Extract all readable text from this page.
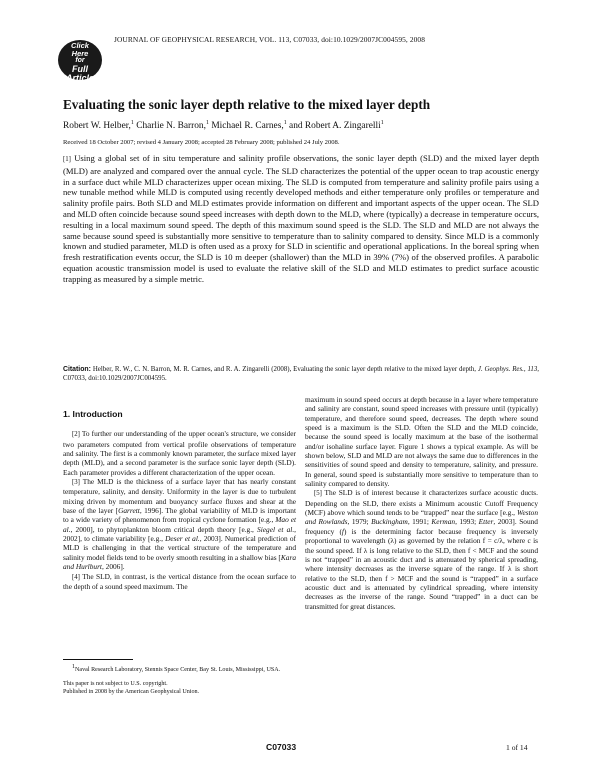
Click
Here
for
Full
Article
JOURNAL OF GEOPHYSICAL RESEARCH, VOL. 113, C07033, doi:10.1029/2007JC004595, 2008
Evaluating the sonic layer depth relative to the mixed layer depth
Robert W. Helber,$^1$ Charlie N. Barron,$^1$ Michael R. Carnes,$^1$ and Robert A. Zingarelli$^1$
Received 18 October 2007; revised 4 January 2008; accepted 28 February 2008; published 24 July 2008.
[1] Using a global set of in situ temperature and salinity profile observations, the sonic layer depth (SLD) and the mixed layer depth (MLD) are analyzed and compared over the annual cycle. The SLD characterizes the potential of the upper ocean to trap acoustic energy in a surface duct while MLD characterizes upper ocean mixing. The SLD is computed from temperature and salinity profile pairs using a new tunable method while MLD is computed using recently developed methods and either temperature only profiles or temperature and salinity profile pairs. Both SLD and MLD estimates provide information on different and important aspects of the upper ocean. The SLD and MLD often coincide because sound speed increases with depth down to the MLD, where (typically) a decrease in temperature occurs, resulting in a local maximum sound speed. The depth of this maximum sound speed is the SLD. The SLD and MLD are not always the same because sound speed is substantially more sensitive to temperature than to salinity compared to density. Since MLD is a commonly known and studied parameter, MLD is often used as a proxy for SLD in scientific and operational applications. In the boreal spring when fresh restratification events occur, the SLD is 10 m deeper (shallower) than the MLD in 39% (7%) of the observed profiles. A parabolic equation acoustic transmission model is used to evaluate the relative skill of the SLD and MLD estimates to predict surface acoustic trapping as measured by a simple metric.
Citation: Helber, R. W., C. N. Barron, M. R. Carnes, and R. A. Zingarelli (2008), Evaluating the sonic layer depth relative to the mixed layer depth, J. Geophys. Res., 113, C07033, doi:10.1029/2007JC004595.
1. Introduction

[2] To further our understanding of the upper ocean's structure, we consider two parameters computed from vertical profile observations of temperature and salinity. The first is a commonly known parameter, the surface mixed layer depth (MLD), and a second parameter is the surface sonic layer depth (SLD). Each parameter provides a different characterization of the upper ocean.

[3] The MLD is the thickness of a surface layer that has nearly constant temperature, salinity, and density. Uniformity in the layer is due to turbulent mixing driven by momentum and buoyancy surface fluxes and shear at the base of the layer [Garrett, 1996]. The global variability of MLD is important to a wide variety of phenomenon from tropical cyclone formation [e.g., Mao et al., 2000], to phytoplankton bloom critical depth theory [e.g., Siegel et al., 2002], to climate variability [e.g., Deser et al., 2003]. Numerical prediction of MLD is challenging in that the vertical structure of the temperature and salinity model fields tend to be overly smooth resulting in a shallow bias [Kara and Hurlburt, 2006].

[4] The SLD, in contrast, is the vertical distance from the ocean surface to the depth of a sound speed maximum. The

maximum in sound speed occurs at depth because in a layer where temperature and salinity are constant, sound speed increases with pressure until (typically) temperature, and therefore sound speed, decreases. The depth where sound speed is a maximum is the SLD. Often the SLD and the MLD coincide, because the sound speed is locally maximum at the base of the isothermal and/or isohaline surface layer. Figure 1 shows a typical example. As will be shown below, SLD and MLD are not always the same due to differences in the sensitivities of sound speed and density to temperature, salinity, and pressure. In general, sound speed is substantially more sensitive to temperature than to salinity compared to density.

[5] The SLD is of interest because it characterizes surface acoustic ducts. Depending on the SLD, there exists a Minimum acoustic Cutoff Frequency (MCF) above which sound tends to be “trapped” near the surface [e.g., Weston and Rowlands, 1979; Buckingham, 1991; Kerman, 1993; Etter, 2003]. Sound frequency (f) is the determining factor because frequency is inversely proportional to wavelength (λ) as governed by the relation f = c/λ, where c is the sound speed. If λ is long relative to the SLD, then f < MCF and the sound is not “trapped” in an acoustic duct and is attenuated by spherical spreading, where intensity decreases as the inverse square of the range. If λ is short relative to the SLD, then f > MCF and the sound is “trapped” in a surface acoustic duct and is attenuated by cylindrical spreading, where intensity decreases as the inverse of the range. Sound “trapped” in a duct can be transmitted for great distances.

$^1$Naval Research Laboratory, Stennis Space Center, Bay St. Louis, Mississippi, USA.

This paper is not subject to U.S. copyright.

Published in 2008 by the American Geophysical Union.

C07033	1 of 14
